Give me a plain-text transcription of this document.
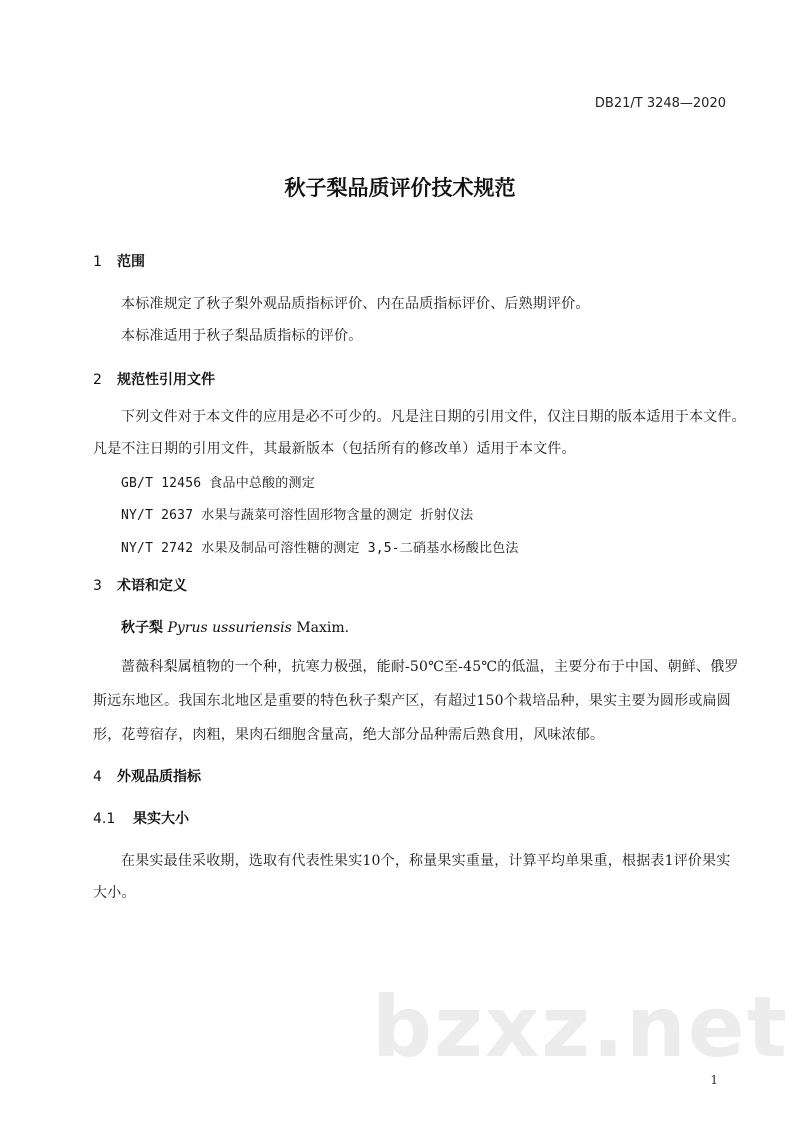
DB21/T 3248—2020
秋子梨品质评价技术规范
1 范围
本标准规定了秋子梨外观品质指标评价、内在品质指标评价、后熟期评价。
本标准适用于秋子梨品质指标的评价。
2 规范性引用文件
下列文件对于本文件的应用是必不可少的。凡是注日期的引用文件，仅注日期的版本适用于本文件。
凡是不注日期的引用文件，其最新版本（包括所有的修改单）适用于本文件。
GB/T 12456 食品中总酸的测定
NY/T 2637 水果与蔬菜可溶性固形物含量的测定 折射仪法
NY/T 2742 水果及制品可溶性糖的测定 3,5-二硝基水杨酸比色法
3 术语和定义
秋子梨 Pyrus ussuriensis Maxim.
蔷薇科梨属植物的一个种，抗寒力极强，能耐-50℃至-45℃的低温，主要分布于中国、朝鲜、俄罗
斯远东地区。我国东北地区是重要的特色秋子梨产区，有超过150个栽培品种，果实主要为圆形或扁圆
形，花萼宿存，肉粗，果肉石细胞含量高，绝大部分品种需后熟食用，风味浓郁。
4 外观品质指标
4.1 果实大小
在果实最佳采收期，选取有代表性果实10个，称量果实重量，计算平均单果重，根据表1评价果实
大小。
bzxz.net
1
